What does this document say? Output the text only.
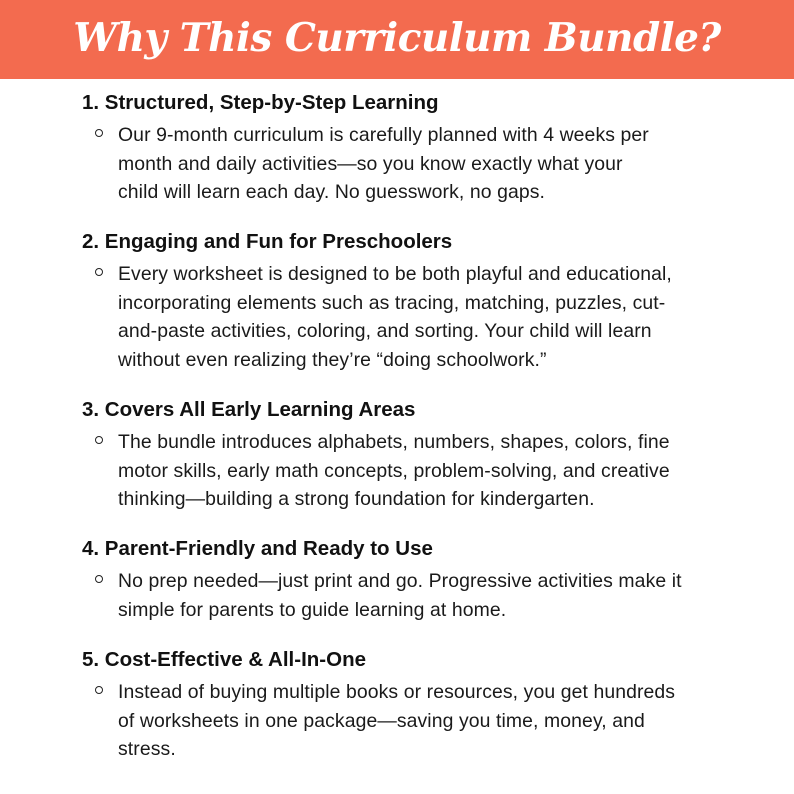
Why This Curriculum Bundle?
1. Structured, Step-by-Step Learning
Our 9-month curriculum is carefully planned with 4 weeks per
month and daily activities—so you know exactly what your
child will learn each day. No guesswork, no gaps.
2. Engaging and Fun for Preschoolers
Every worksheet is designed to be both playful and educational,
incorporating elements such as tracing, matching, puzzles, cut-
and-paste activities, coloring, and sorting. Your child will learn
without even realizing they’re “doing schoolwork.”
3. Covers All Early Learning Areas
The bundle introduces alphabets, numbers, shapes, colors, fine
motor skills, early math concepts, problem-solving, and creative
thinking—building a strong foundation for kindergarten.
4. Parent-Friendly and Ready to Use
No prep needed—just print and go. Progressive activities make it
simple for parents to guide learning at home.
5. Cost-Effective & All-In-One
Instead of buying multiple books or resources, you get hundreds
of worksheets in one package—saving you time, money, and
stress.
